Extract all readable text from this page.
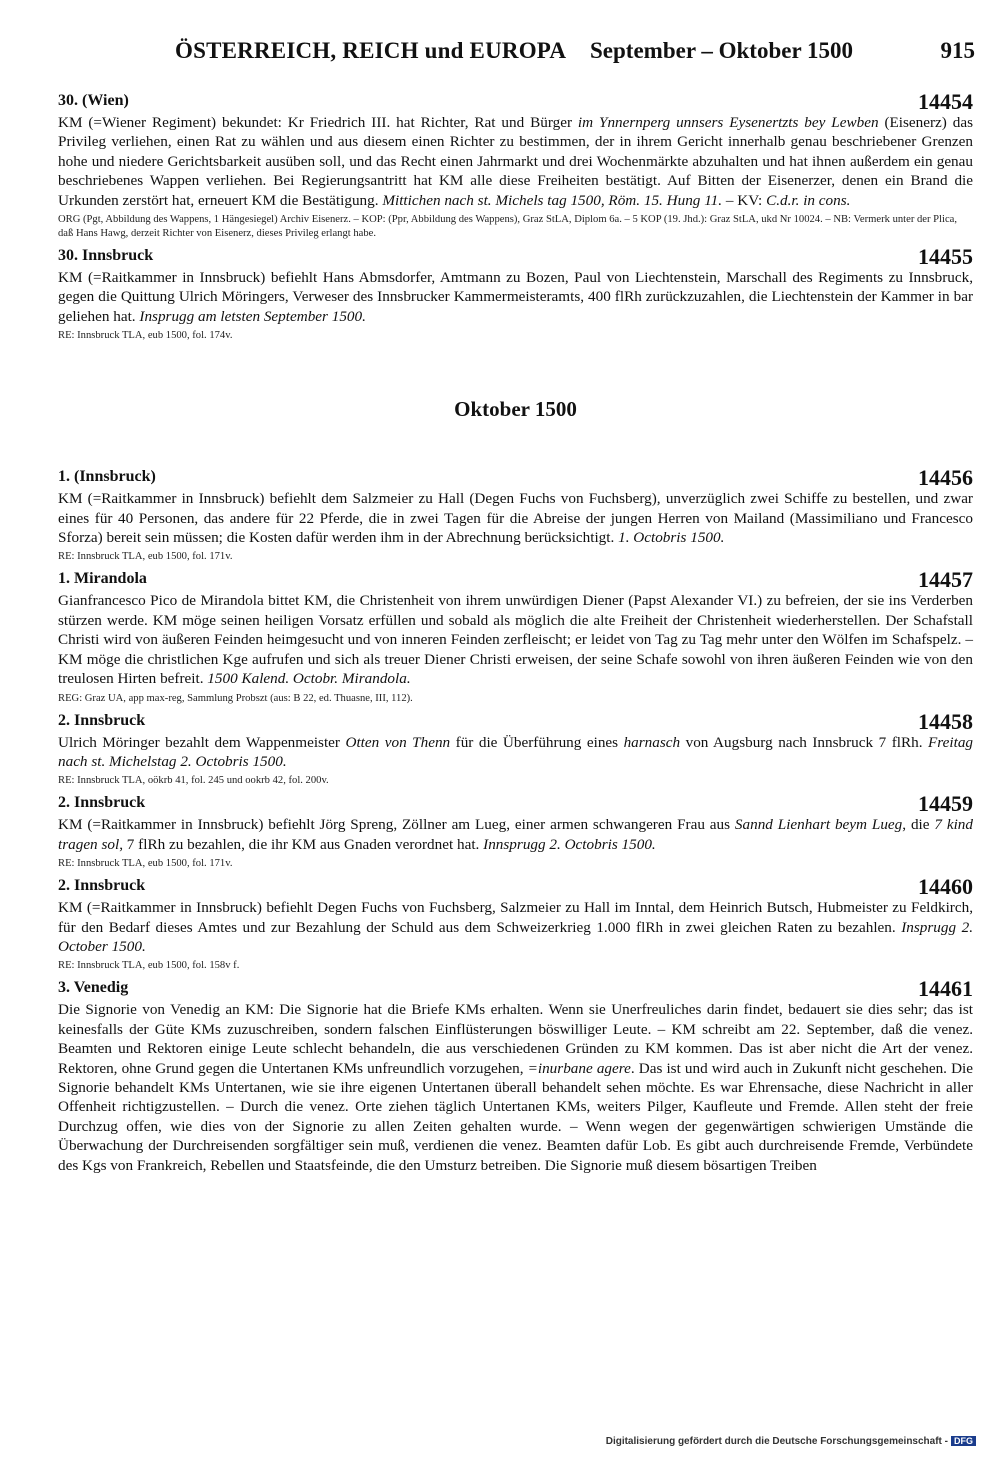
ÖSTERREICH, REICH und EUROPA September – Oktober 1500	915
30. (Wien)	14454

KM (=Wiener Regiment) bekundet: Kr Friedrich III. hat Richter, Rat und Bürger im Ynnernperg unnsers Eysenertzts bey Lewben (Eisenerz) das Privileg verliehen, einen Rat zu wählen und aus diesem einen Richter zu bestimmen, der in ihrem Gericht innerhalb genau beschriebener Grenzen hohe und niedere Gerichtsbarkeit ausüben soll, und das Recht einen Jahrmarkt und drei Wochenmärkte abzuhalten und hat ihnen außerdem ein genau beschriebenes Wappen verliehen. Bei Regierungsantritt hat KM alle diese Freiheiten bestätigt. Auf Bitten der Eisenerzer, denen ein Brand die Urkunden zerstört hat, erneuert KM die Bestätigung. Mittichen nach st. Michels tag 1500, Röm. 15. Hung 11. – KV: C.d.r. in cons.

ORG (Pgt, Abbildung des Wappens, 1 Hängesiegel) Archiv Eisenerz. – KOP: (Ppr, Abbildung des Wappens), Graz StLA, Diplom 6a. – 5 KOP (19. Jhd.): Graz StLA, ukd Nr 10024. – NB: Vermerk unter der Plica, daß Hans Hawg, derzeit Richter von Eisenerz, dieses Privileg erlangt habe.
30. Innsbruck	14455

KM (=Raitkammer in Innsbruck) befiehlt Hans Abmsdorfer, Amtmann zu Bozen, Paul von Liechtenstein, Marschall des Regiments zu Innsbruck, gegen die Quittung Ulrich Möringers, Verweser des Innsbrucker Kammermeisteramts, 400 flRh zurückzuzahlen, die Liechtenstein der Kammer in bar geliehen hat. Insprugg am letsten September 1500.

RE: Innsbruck TLA, eub 1500, fol. 174v.
Oktober 1500
1. (Innsbruck)	14456

KM (=Raitkammer in Innsbruck) befiehlt dem Salzmeier zu Hall (Degen Fuchs von Fuchsberg), unverzüglich zwei Schiffe zu bestellen, und zwar eines für 40 Personen, das andere für 22 Pferde, die in zwei Tagen für die Abreise der jungen Herren von Mailand (Massimiliano und Francesco Sforza) bereit sein müssen; die Kosten dafür werden ihm in der Abrechnung berücksichtigt. 1. Octobris 1500.

RE: Innsbruck TLA, eub 1500, fol. 171v.
1. Mirandola	14457

Gianfrancesco Pico de Mirandola bittet KM, die Christenheit von ihrem unwürdigen Diener (Papst Alexander VI.) zu befreien, der sie ins Verderben stürzen werde. KM möge seinen heiligen Vorsatz erfüllen und sobald als möglich die alte Freiheit der Christenheit wiederherstellen. Der Schafstall Christi wird von äußeren Feinden heimgesucht und von inneren Feinden zerfleischt; er leidet von Tag zu Tag mehr unter den Wölfen im Schafspelz. – KM möge die christlichen Kge aufrufen und sich als treuer Diener Christi erweisen, der seine Schafe sowohl von ihren äußeren Feinden wie von den treulosen Hirten befreit. 1500 Kalend. Octobr. Mirandola.

REG: Graz UA, app max-reg, Sammlung Probszt (aus: B 22, ed. Thuasne, III, 112).
2. Innsbruck	14458

Ulrich Möringer bezahlt dem Wappenmeister Otten von Thenn für die Überführung eines harnasch von Augsburg nach Innsbruck 7 flRh. Freitag nach st. Michelstag 2. Octobris 1500.

RE: Innsbruck TLA, oökrb 41, fol. 245 und ookrb 42, fol. 200v.
2. Innsbruck	14459

KM (=Raitkammer in Innsbruck) befiehlt Jörg Spreng, Zöllner am Lueg, einer armen schwangeren Frau aus Sannd Lienhart beym Lueg, die 7 kind tragen sol, 7 flRh zu bezahlen, die ihr KM aus Gnaden verordnet hat. Innsprugg 2. Octobris 1500.

RE: Innsbruck TLA, eub 1500, fol. 171v.
2. Innsbruck	14460

KM (=Raitkammer in Innsbruck) befiehlt Degen Fuchs von Fuchsberg, Salzmeier zu Hall im Inntal, dem Heinrich Butsch, Hubmeister zu Feldkirch, für den Bedarf dieses Amtes und zur Bezahlung der Schuld aus dem Schweizerkrieg 1.000 flRh in zwei gleichen Raten zu bezahlen. Insprugg 2. October 1500.

RE: Innsbruck TLA, eub 1500, fol. 158v f.
3. Venedig	14461

Die Signorie von Venedig an KM: Die Signorie hat die Briefe KMs erhalten. Wenn sie Unerfreuliches darin findet, bedauert sie dies sehr; das ist keinesfalls der Güte KMs zuzuschreiben, sondern falschen Einflüsterungen böswilliger Leute. – KM schreibt am 22. September, daß die venez. Beamten und Rektoren einige Leute schlecht behandeln, die aus verschiedenen Gründen zu KM kommen. Das ist aber nicht die Art der venez. Rektoren, ohne Grund gegen die Untertanen KMs unfreundlich vorzugehen, =inurbane agere. Das ist und wird auch in Zukunft nicht geschehen. Die Signorie behandelt KMs Untertanen, wie sie ihre eigenen Untertanen überall behandelt sehen möchte. Es war Ehrensache, diese Nachricht in aller Offenheit richtigzustellen. – Durch die venez. Orte ziehen täglich Untertanen KMs, weiters Pilger, Kaufleute und Fremde. Allen steht der freie Durchzug offen, wie dies von der Signorie zu allen Zeiten gehalten wurde. – Wenn wegen der gegenwärtigen schwierigen Umstände die Überwachung der Durchreisenden sorgfältiger sein muß, verdienen die venez. Beamten dafür Lob. Es gibt auch durchreisende Fremde, Verbündete des Kgs von Frankreich, Rebellen und Staatsfeinde, die den Umsturz betreiben. Die Signorie muß diesem bösartigen Treiben

Digitalisierung gefördert durch die Deutsche Forschungsgemeinschaft - DFG
